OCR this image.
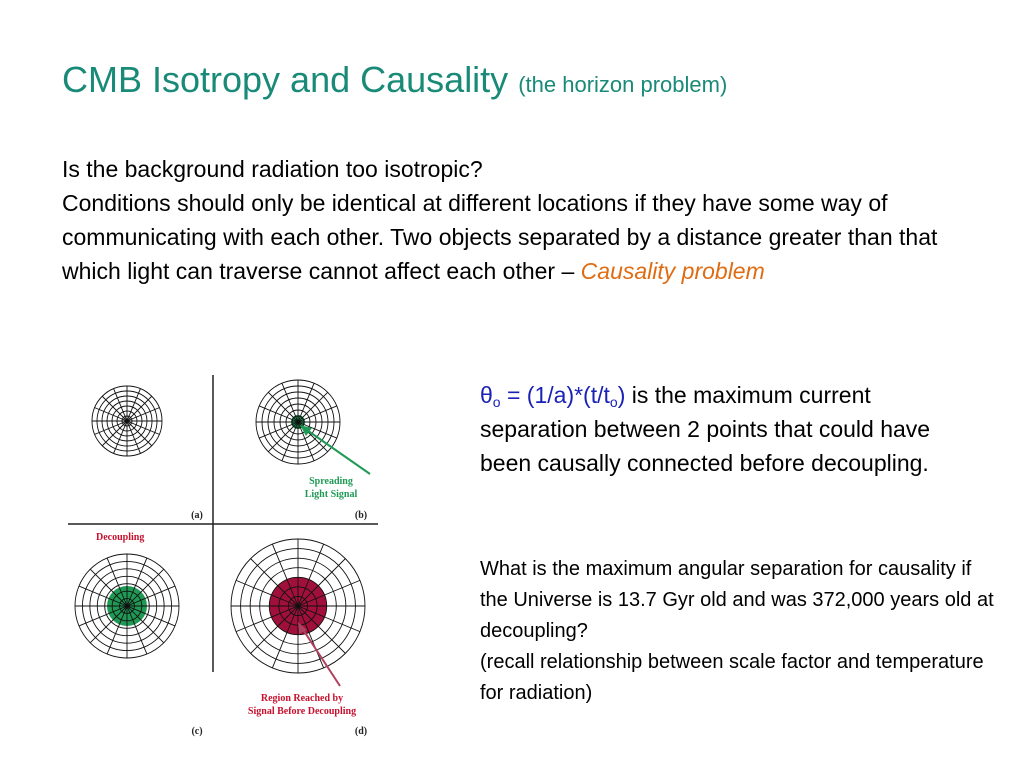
CMB Isotropy and Causality (the horizon problem)
Is the background radiation too isotropic?
Conditions should only be identical at different locations if they have some way of communicating with each other. Two objects separated by a distance greater than that which light can traverse cannot affect each other – Causality problem
Spreading
Light Signal
Decoupling
Region Reached by
Signal Before Decoupling
(a)	(b)
(c)	(d)
$\theta_o = (1/a)*(t/t_o)$ is the maximum current separation between 2 points that could have been causally connected before decoupling.
What is the maximum angular separation for causality if the Universe is 13.7 Gyr old and was 372,000 years old at decoupling?
(recall relationship between scale factor and temperature for radiation)
